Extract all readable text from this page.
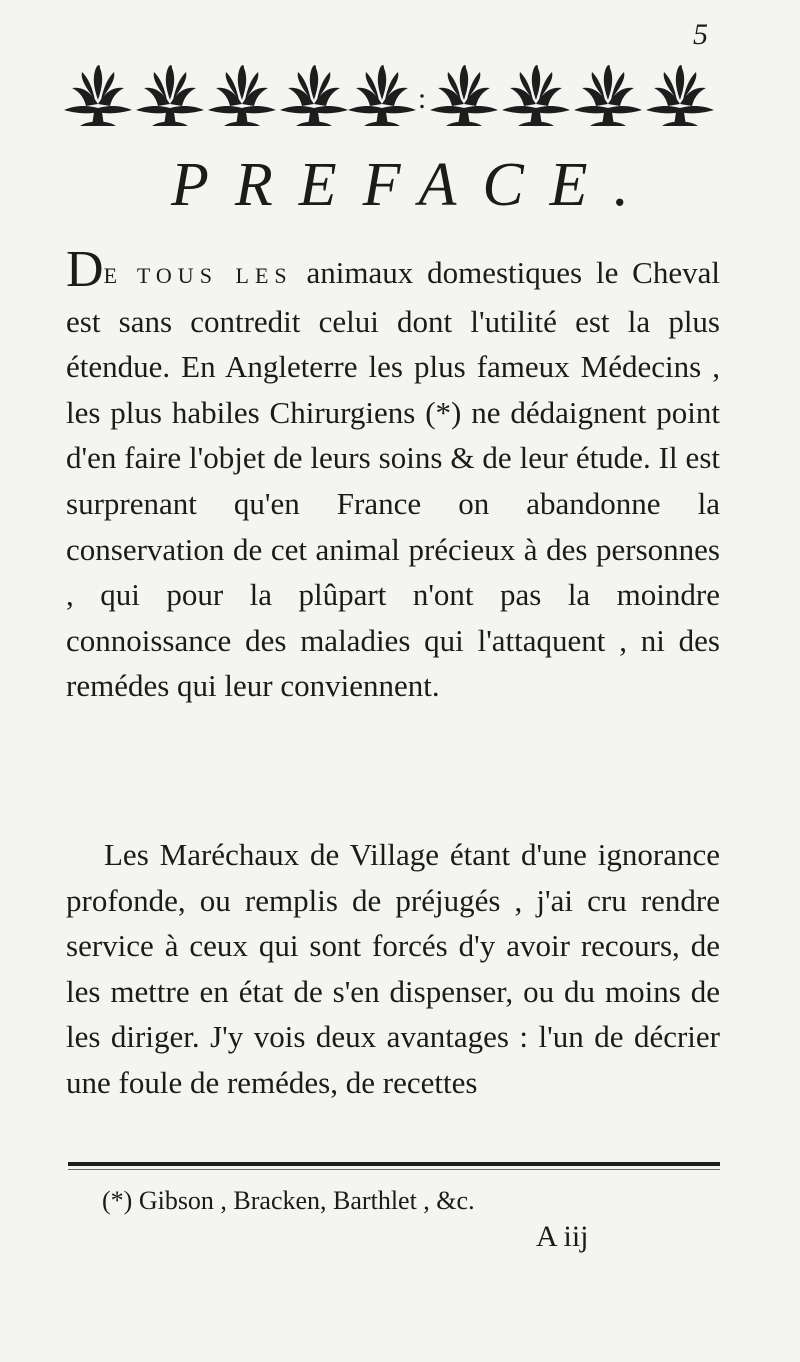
5
:
PREFACE.
DE TOUS LES animaux domestiques le Cheval est sans contredit celui dont l'utilité est la plus étendue. En Angleterre les plus fameux Médecins , les plus habiles Chirurgiens (*) ne dédaignent point d'en faire l'objet de leurs soins & de leur étude. Il est surprenant qu'en France on abandonne la conservation de cet animal précieux à des personnes , qui pour la plûpart n'ont pas la moindre connoissance des maladies qui l'attaquent , ni des remédes qui leur conviennent.
Les Maréchaux de Village étant d'une ignorance profonde, ou remplis de préjugés , j'ai cru rendre service à ceux qui sont forcés d'y avoir recours, de les mettre en état de s'en dispenser, ou du moins de les diriger. J'y vois deux avantages : l'un de décrier une foule de remédes, de recettes
(*) Gibson , Bracken, Barthlet , &c.
A iij
